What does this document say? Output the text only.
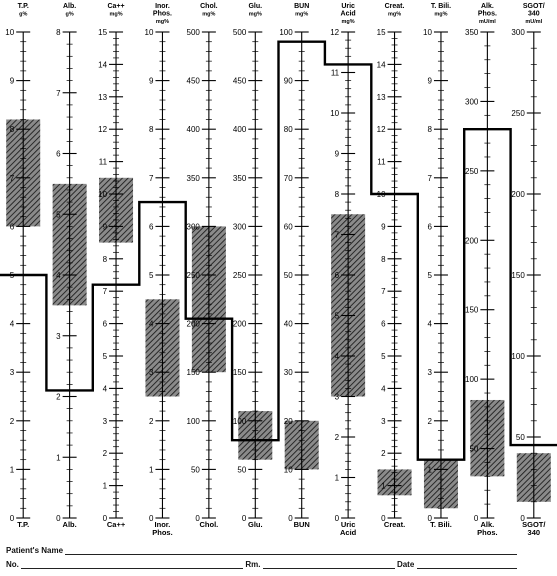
0
1
2
3
4
5
6
7
8
9
10
0
1
2
3
4
5
6
7
8
0
1
2
3
4
5
6
7
8
9
10
11
12
13
14
15
0
1
2
3
4
5
6
7
8
9
10
0
50
100
150
200
250
300
350
400
450
500
0
50
100
150
200
250
300
350
400
450
500
0
10
20
30
40
50
60
70
80
90
100
0
1
2
3
4
5
6
7
8
9
10
11
12
0
1
2
3
4
5
6
7
8
9
10
11
12
13
14
15
0
1
2
3
4
5
6
7
8
9
10
0
50
100
150
200
250
300
350
0
50
100
150
200
250
300
T.P.
g%
T.P.
Alb.
g%
Alb.
Ca++
mg%
Ca++
Inor.
Phos.
mg%
Inor.
Phos.
Chol.
mg%
Chol.
Glu.
mg%
Glu.
BUN
mg%
BUN
Uric
Acid
mg%
Uric
Acid
Creat.
mg%
Creat.
T. Bili.
mg%
T. Bili.
Alk.
Phos.
mU/ml
Alk.
Phos.
SGOT/
340
mU/ml
SGOT/
340
Patient's Name
No.	Rm.	Date
